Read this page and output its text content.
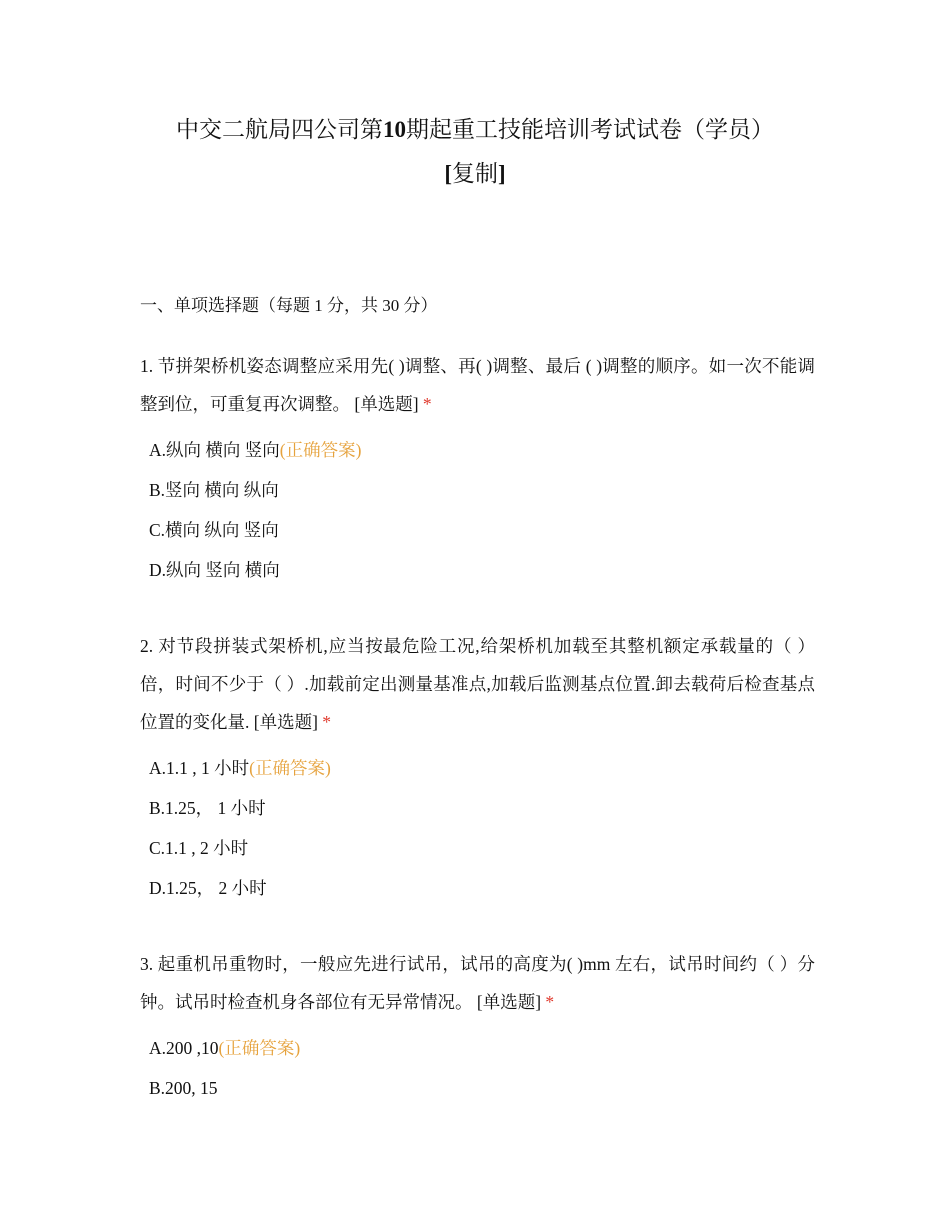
中交二航局四公司第10期起重工技能培训考试试卷（学员）
[复制]
一、单项选择题（每题 1 分，共 30 分）
1. 节拼架桥机姿态调整应采用先( )调整、再( )调整、最后 ( )调整的顺序。如一次不能调整到位，可重复再次调整。 [单选题] *
A.纵向 横向 竖向(正确答案)
B.竖向 横向 纵向
C.横向 纵向 竖向
D.纵向 竖向 横向
2. 对节段拼装式架桥机,应当按最危险工况,给架桥机加载至其整机额定承载量的（ ）倍，时间不少于（ ）.加载前定出测量基准点,加载后监测基点位置.卸去载荷后检查基点位置的变化量. [单选题] *
A.1.1 , 1 小时(正确答案)
B.1.25， 1 小时
C.1.1 , 2 小时
D.1.25， 2 小时
3. 起重机吊重物时，一般应先进行试吊，试吊的高度为( )mm 左右，试吊时间约（ ）分钟。试吊时检查机身各部位有无异常情况。 [单选题] *
A.200 ,10(正确答案)
B.200, 15
